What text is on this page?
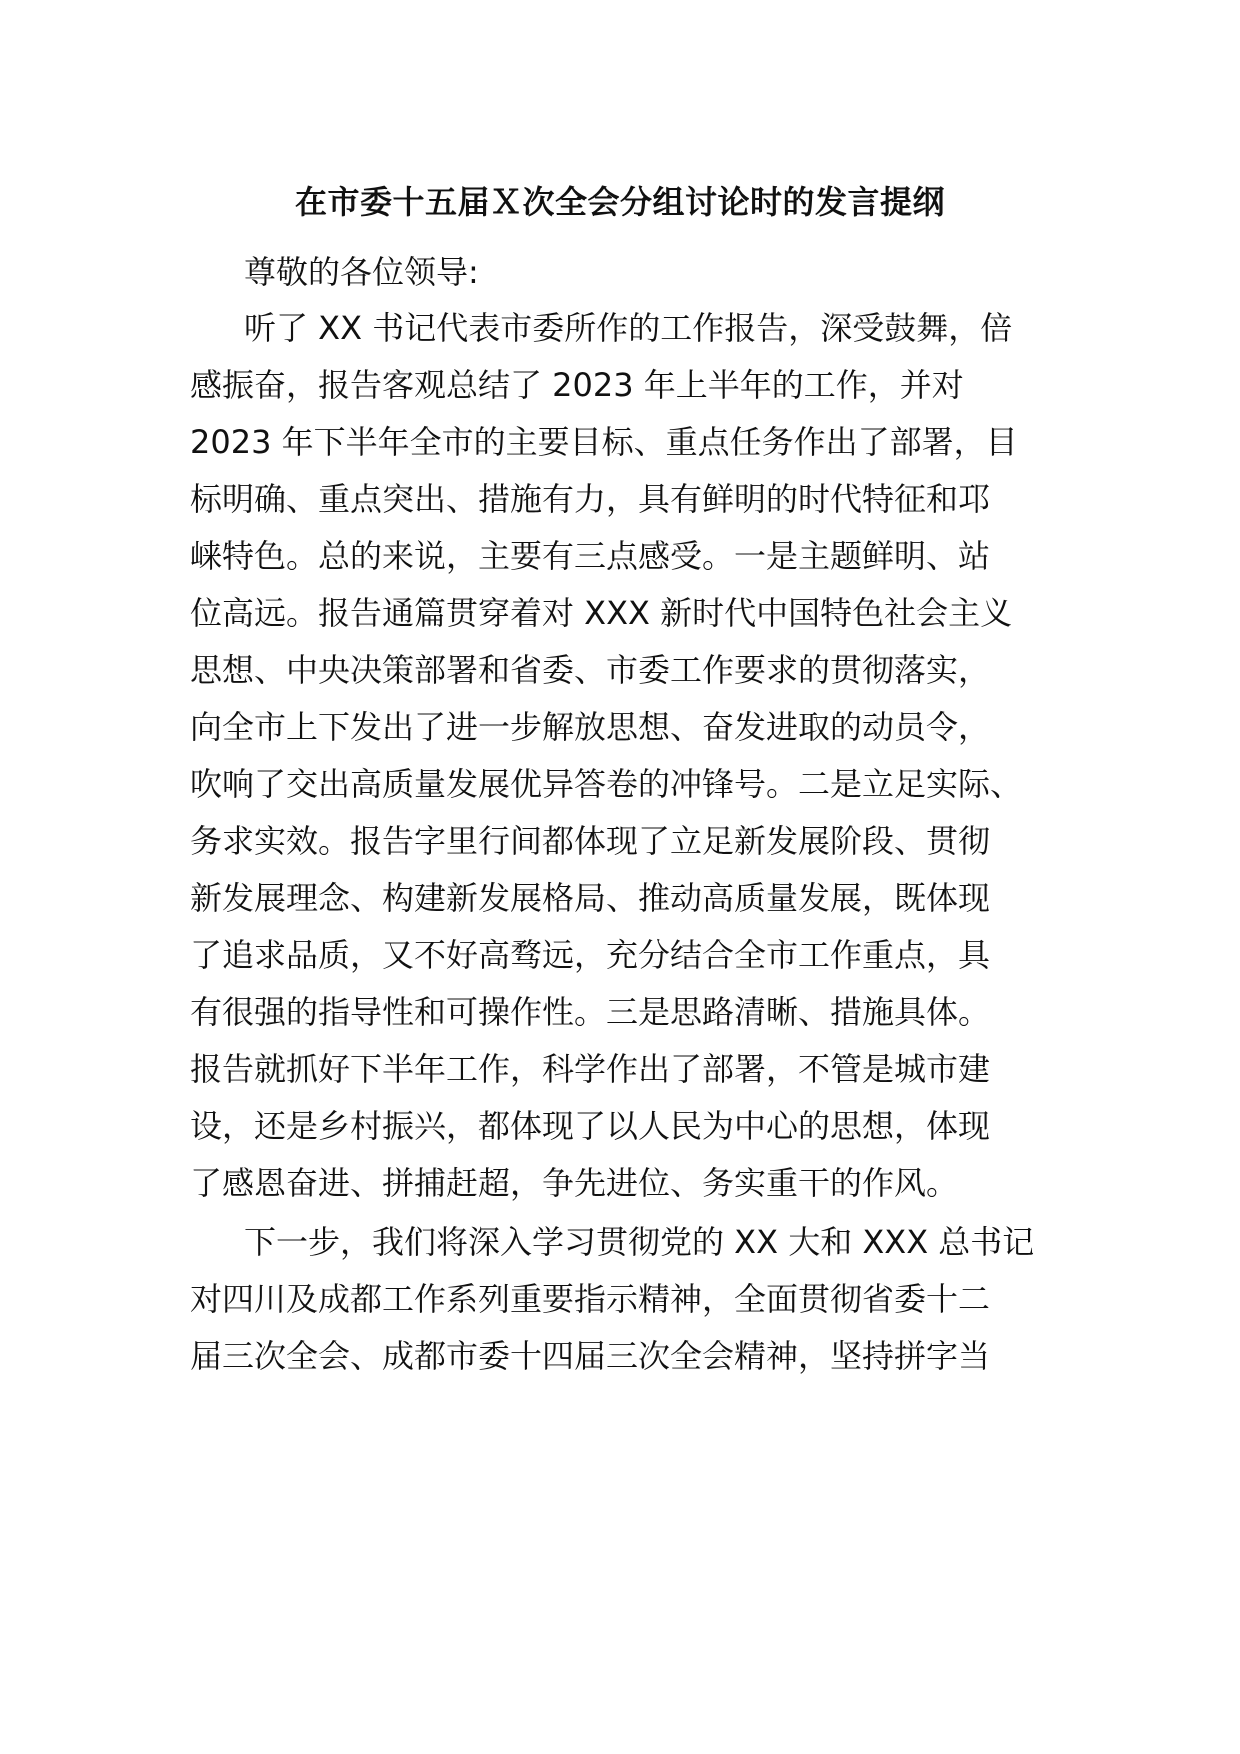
在市委十五届Ｘ次全会分组讨论时的发言提纲
尊敬的各位领导:
听了 XX 书记代表市委所作的工作报告，深受鼓舞，倍
感振奋，报告客观总结了 2023 年上半年的工作，并对
2023 年下半年全市的主要目标、重点任务作出了部署，目
标明确、重点突出、措施有力，具有鲜明的时代特征和邛
崃特色。总的来说，主要有三点感受。一是主题鲜明、站
位高远。报告通篇贯穿着对 XXX 新时代中国特色社会主义
思想、中央决策部署和省委、市委工作要求的贯彻落实，
向全市上下发出了进一步解放思想、奋发进取的动员令，
吹响了交出高质量发展优异答卷的冲锋号。二是立足实际、
务求实效。报告字里行间都体现了立足新发展阶段、贯彻
新发展理念、构建新发展格局、推动高质量发展，既体现
了追求品质，又不好高骛远，充分结合全市工作重点，具
有很强的指导性和可操作性。三是思路清晰、措施具体。
报告就抓好下半年工作，科学作出了部署，不管是城市建
设，还是乡村振兴，都体现了以人民为中心的思想，体现
了感恩奋进、拼捕赶超，争先进位、务实重干的作风。
下一步，我们将深入学习贯彻党的 XX 大和 XXX 总书记
对四川及成都工作系列重要指示精神，全面贯彻省委十二
届三次全会、成都市委十四届三次全会精神，坚持拼字当
